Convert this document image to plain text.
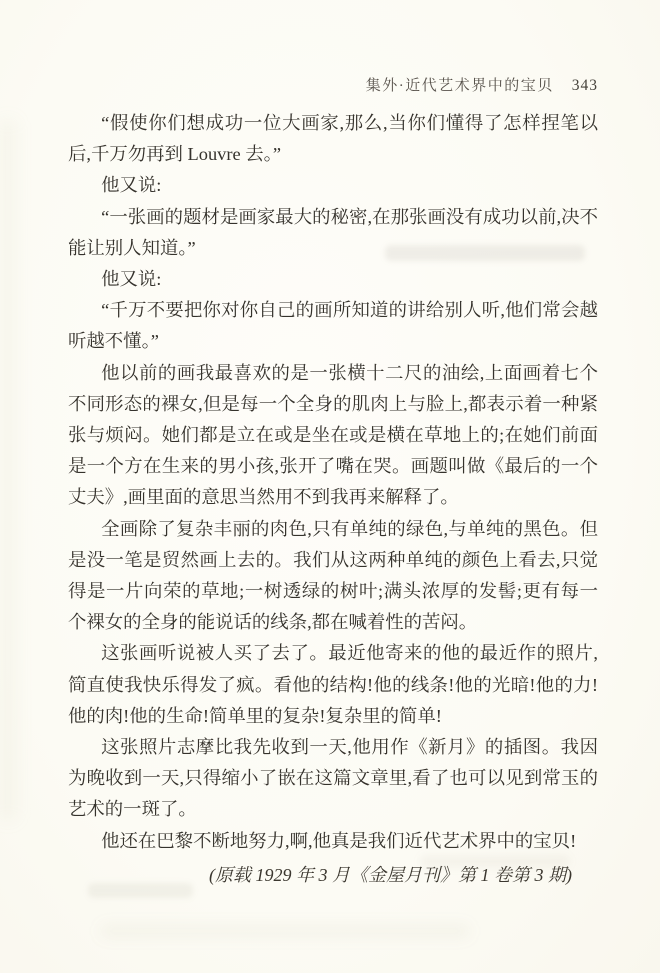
集外·近代艺术界中的宝贝 343

“假使你们想成功一位大画家,那么,当你们懂得了怎样捏笔以后,千万勿再到 Louvre 去。”

他又说:

“一张画的题材是画家最大的秘密,在那张画没有成功以前,决不能让别人知道。”

他又说:

“千万不要把你对你自己的画所知道的讲给别人听,他们常会越听越不懂。”

他以前的画我最喜欢的是一张横十二尺的油绘,上面画着七个不同形态的裸女,但是每一个全身的肌肉上与脸上,都表示着一种紧张与烦闷。她们都是立在或是坐在或是横在草地上的;在她们前面是一个方在生来的男小孩,张开了嘴在哭。画题叫做《最后的一个丈夫》,画里面的意思当然用不到我再来解释了。

全画除了复杂丰丽的肉色,只有单纯的绿色,与单纯的黑色。但是没一笔是贸然画上去的。我们从这两种单纯的颜色上看去,只觉得是一片向荣的草地;一树透绿的树叶;满头浓厚的发髻;更有每一个裸女的全身的能说话的线条,都在喊着性的苦闷。

这张画听说被人买了去了。最近他寄来的他的最近作的照片,简直使我快乐得发了疯。看他的结构!他的线条!他的光暗!他的力!他的肉!他的生命!简单里的复杂!复杂里的简单!

这张照片志摩比我先收到一天,他用作《新月》的插图。我因为晚收到一天,只得缩小了嵌在这篇文章里,看了也可以见到常玉的艺术的一斑了。

他还在巴黎不断地努力,啊,他真是我们近代艺术界中的宝贝!

(原载 1929 年 3 月《金屋月刊》第 1 卷第 3 期)
